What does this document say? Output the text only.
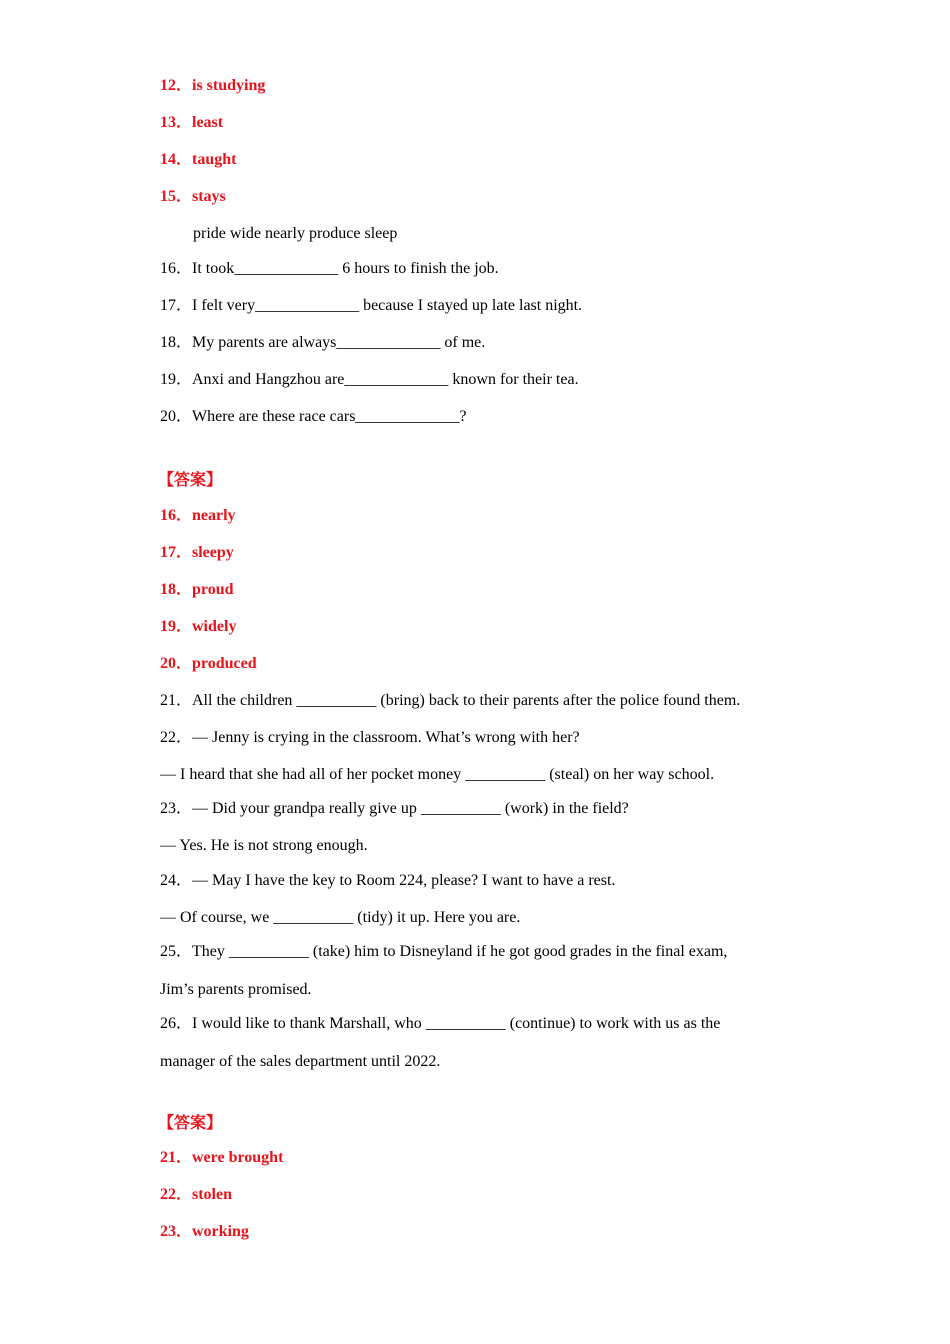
12．is studying
13．least
14．taught
15．stays
pride wide nearly produce sleep
16．It took_____________ 6 hours to finish the job.
17．I felt very_____________ because I stayed up late last night.
18．My parents are always_____________ of me.
19．Anxi and Hangzhou are_____________ known for their tea.
20．Where are these race cars_____________?
【答案】
16．nearly
17．sleepy
18．proud
19．widely
20．produced
21．All the children __________ (bring) back to their parents after the police found them.
22．— Jenny is crying in the classroom. What’s wrong with her?
— I heard that she had all of her pocket money __________ (steal) on her way school.
23．— Did your grandpa really give up __________ (work) in the field?
— Yes. He is not strong enough.
24．— May I have the key to Room 224, please? I want to have a rest.
— Of course, we __________ (tidy) it up. Here you are.
25．They __________ (take) him to Disneyland if he got good grades in the final exam,
Jim’s parents promised.
26．I would like to thank Marshall, who __________ (continue) to work with us as the
manager of the sales department until 2022.
【答案】
21．were brought
22．stolen
23．working
